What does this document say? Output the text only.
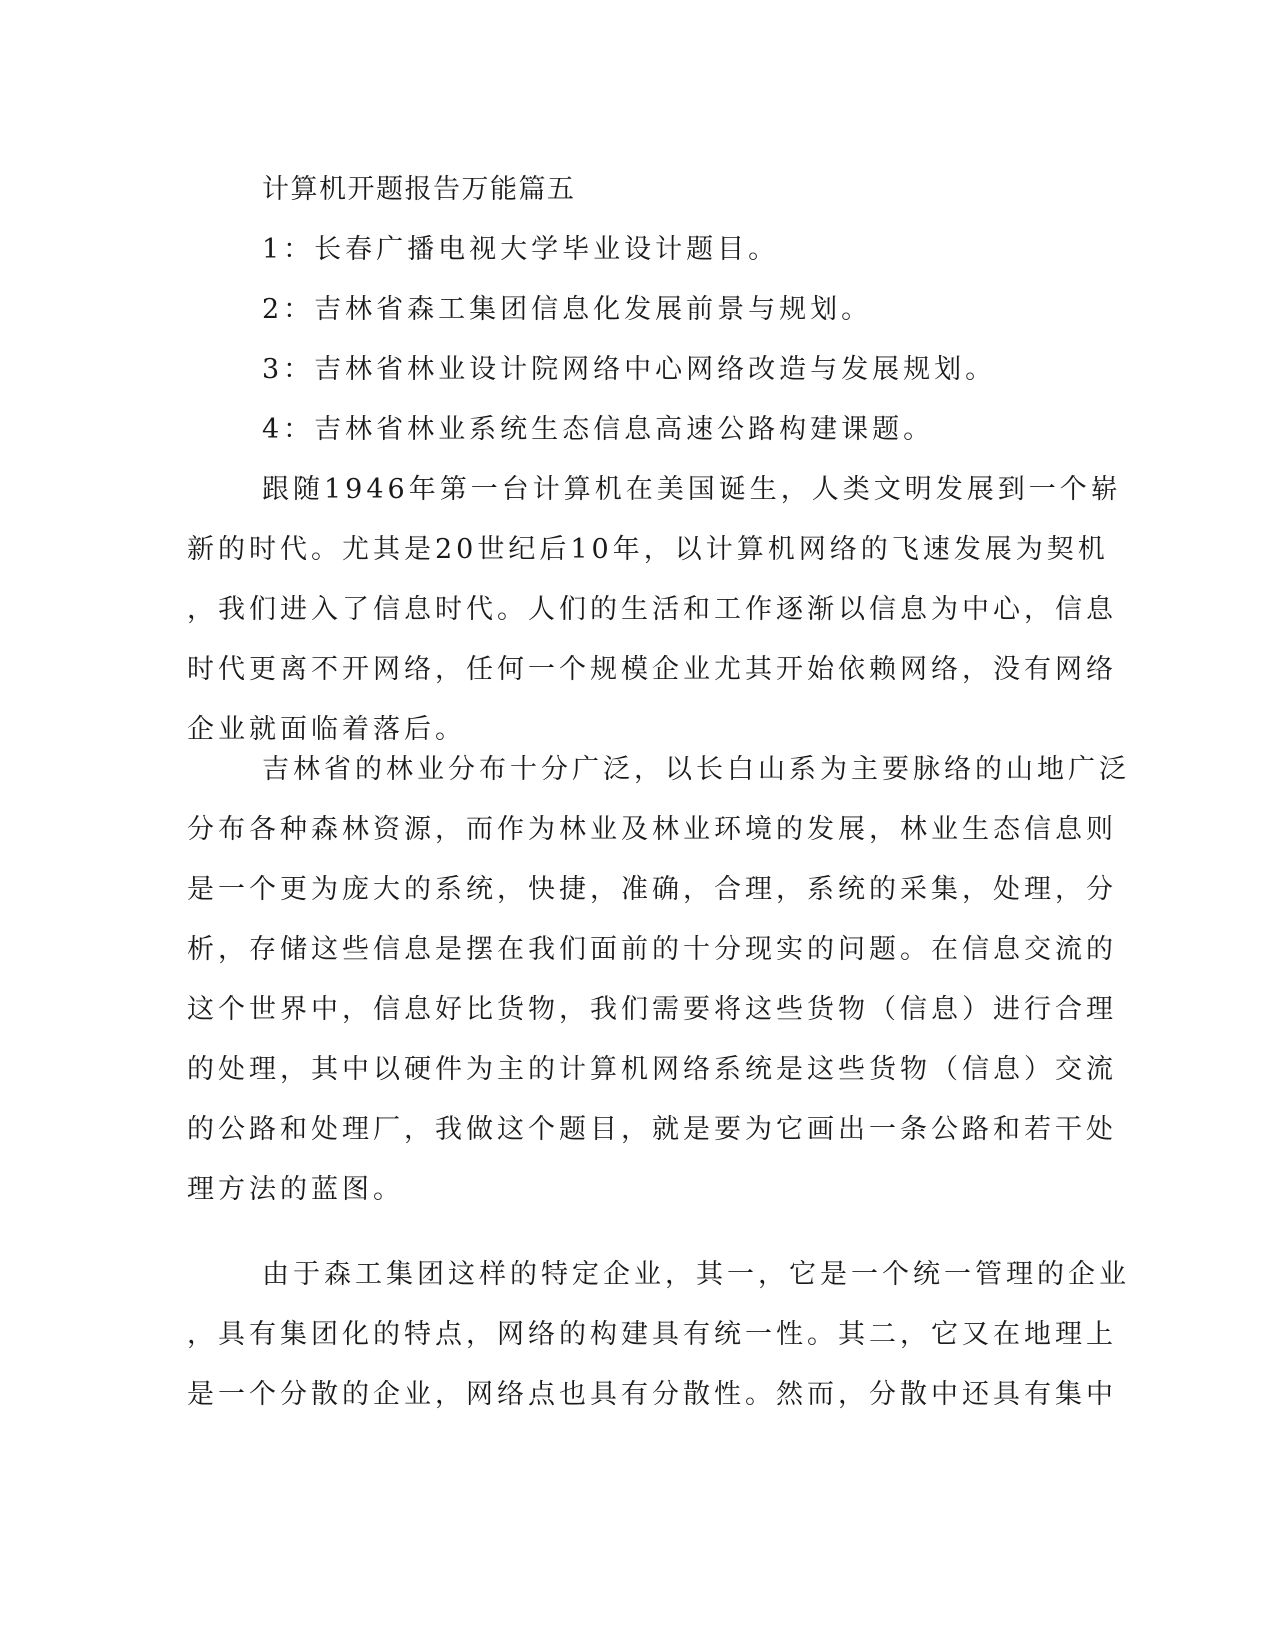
计算机开题报告万能篇五

1：长春广播电视大学毕业设计题目。

2：吉林省森工集团信息化发展前景与规划。

3：吉林省林业设计院网络中心网络改造与发展规划。

4：吉林省林业系统生态信息高速公路构建课题。

跟随1946年第一台计算机在美国诞生，人类文明发展到一个崭
新的时代。尤其是20世纪后10年，以计算机网络的飞速发展为契机
，我们进入了信息时代。人们的生活和工作逐渐以信息为中心，信息
时代更离不开网络，任何一个规模企业尤其开始依赖网络，没有网络
企业就面临着落后。
吉林省的林业分布十分广泛，以长白山系为主要脉络的山地广泛
分布各种森林资源，而作为林业及林业环境的发展，林业生态信息则
是一个更为庞大的系统，快捷，准确，合理，系统的采集，处理，分
析，存储这些信息是摆在我们面前的十分现实的问题。在信息交流的
这个世界中，信息好比货物，我们需要将这些货物（信息）进行合理
的处理，其中以硬件为主的计算机网络系统是这些货物（信息）交流
的公路和处理厂，我做这个题目，就是要为它画出一条公路和若干处
理方法的蓝图。
由于森工集团这样的特定企业，其一，它是一个统一管理的企业
，具有集团化的特点，网络的构建具有统一性。其二，它又在地理上
是一个分散的企业，网络点也具有分散性。然而，分散中还具有集中
